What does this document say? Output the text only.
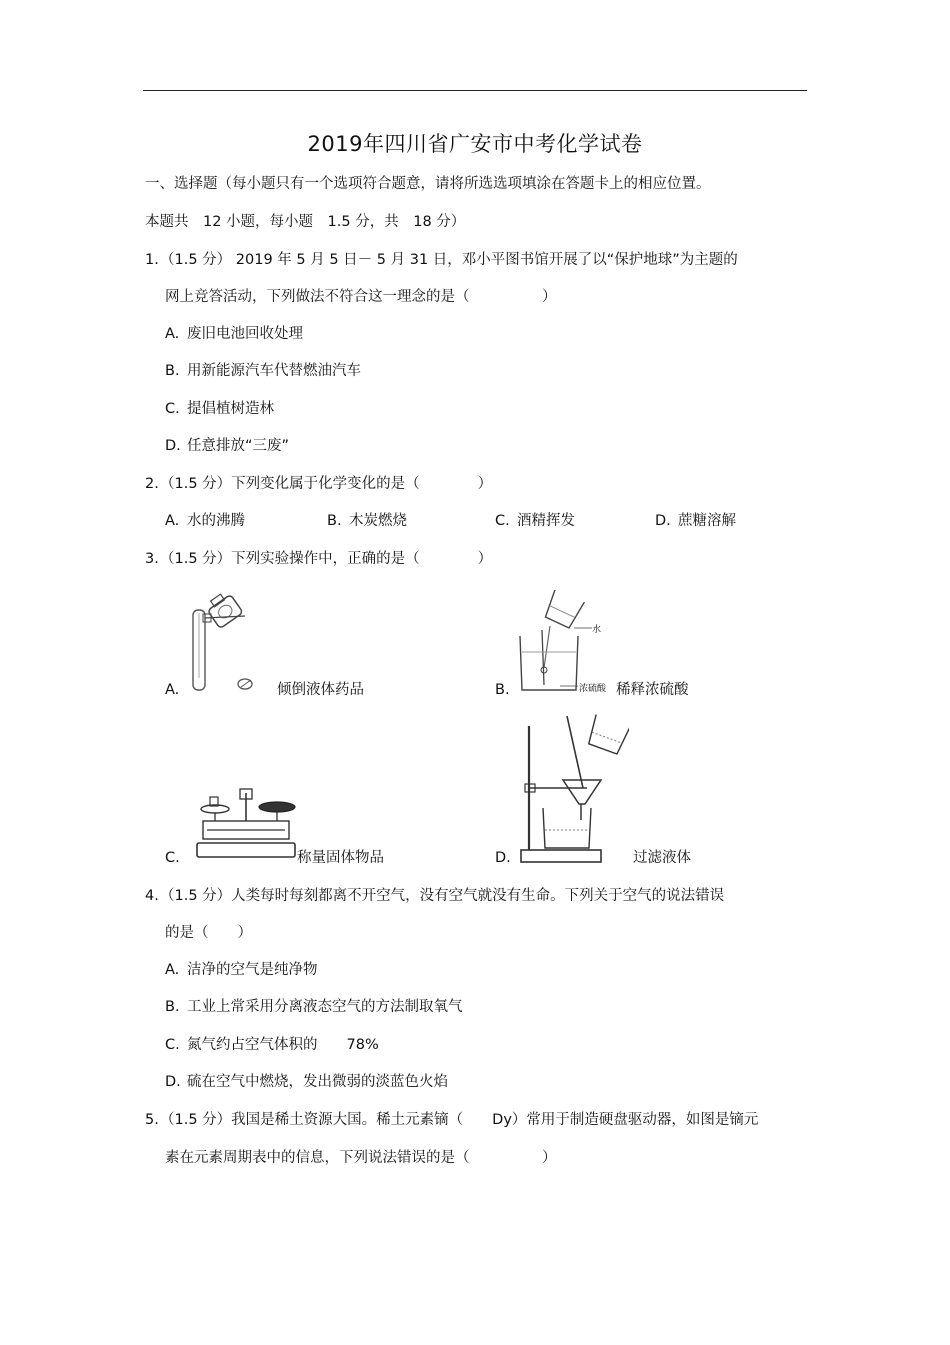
2019年四川省广安市中考化学试卷
一、选择题（每小题只有一个选项符合题意，请将所选选项填涂在答题卡上的相应位置。
本题共　12 小题，每小题　1.5 分，共　18 分）
1. （1.5 分） 2019 年 5 月 5 日－ 5 月 31 日，邓小平图书馆开展了以“保护地球”为主题的
网上竞答活动，下列做法不符合这一理念的是（　　　　　）
A. 废旧电池回收处理
B. 用新能源汽车代替燃油汽车
C. 提倡植树造林
D. 任意排放“三废”
2. （1.5 分）下列变化属于化学变化的是（　　　　）
A. 水的沸腾	B. 木炭燃烧	C. 酒精挥发	D. 蔗糖溶解
3. （1.5 分）下列实验操作中，正确的是（　　　　）
A.	倾倒液体药品
水
浓硫酸
B.	稀释浓硫酸
C.	称量固体物品	D.	过滤液体
4. （1.5 分）人类每时每刻都离不开空气，没有空气就没有生命。下列关于空气的说法错误
的是（　　）
A. 洁净的空气是纯净物
B. 工业上常采用分离液态空气的方法制取氧气
C. 氮气约占空气体积的　　78%
D. 硫在空气中燃烧，发出微弱的淡蓝色火焰
5. （1.5 分）我国是稀土资源大国。稀土元素镝（　　Dy）常用于制造硬盘驱动器，如图是镝元
素在元素周期表中的信息，下列说法错误的是（　　　　　）
